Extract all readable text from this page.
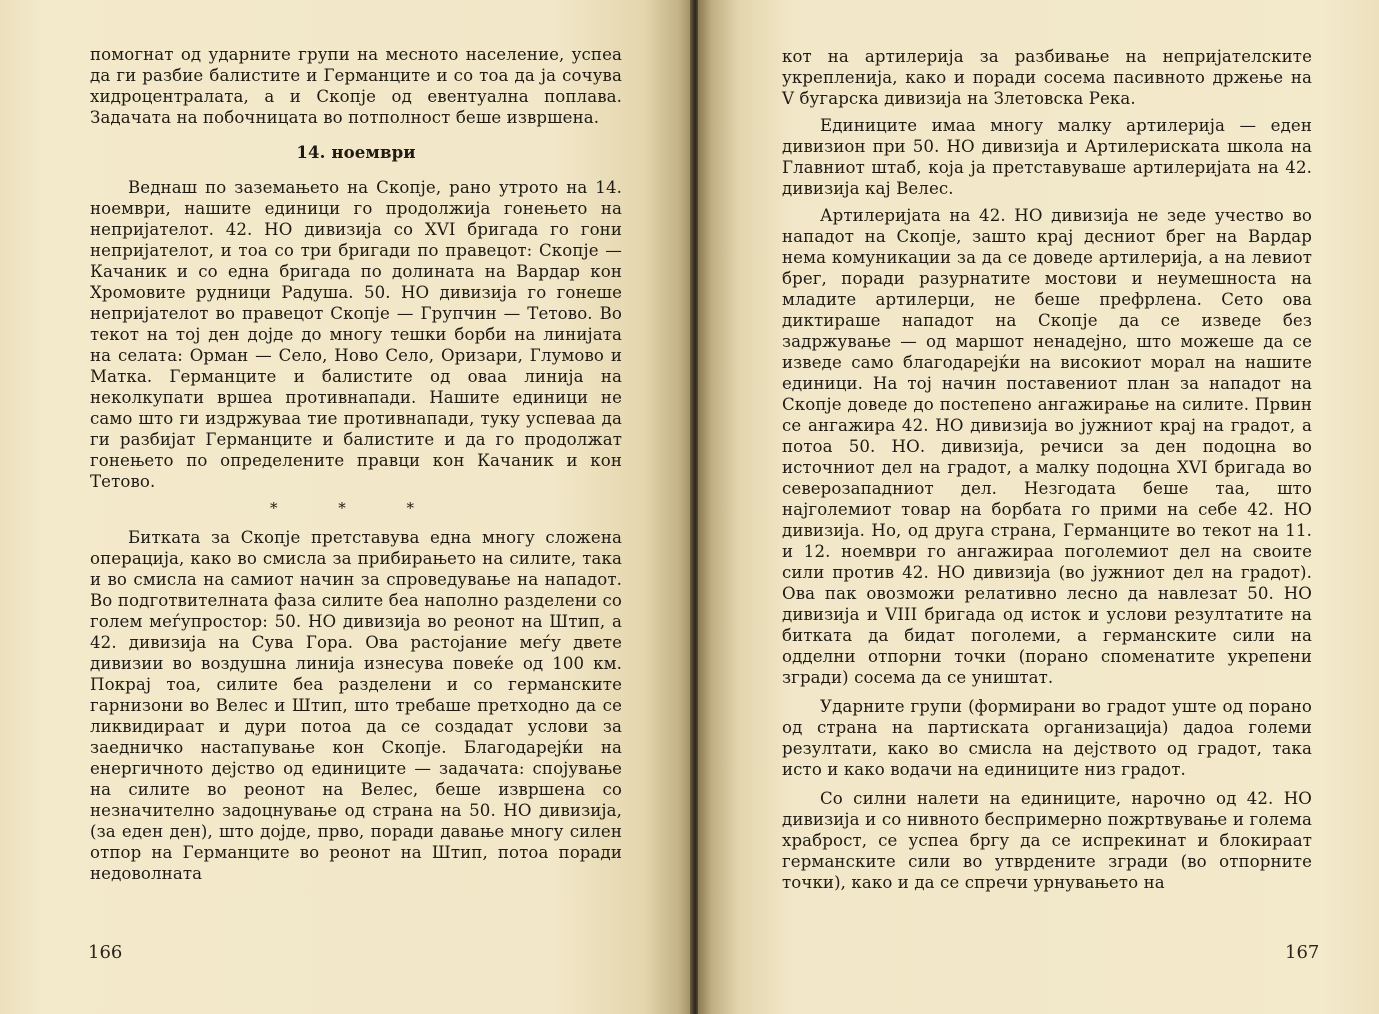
помогнат од ударните групи на месното население, успеа да ги разбие балистите и Германците и со тоа да ја сочува хидроцентралата, а и Скопје од евентуална поплава. Задачата на побочницата во потполност беше извршена.

14. ноември

Веднаш по заземањето на Скопје, рано утрото на 14. ноември, нашите единици го продолжија гонењето на непријателот. 42. НО дивизија со XVI бригада го гони непријателот, и тоа со три бригади по правецот: Скопје — Качаник и со една бригада по долината на Вардар кон Хромовите рудници Радуша. 50. НО дивизија го гонеше непријателот во правецот Скопје — Групчин — Тетово. Во текот на тој ден дојде до многу тешки борби на линијата на селата: Орман — Село, Ново Село, Оризари, Глумово и Матка. Германците и балистите од оваа линија на неколкупати вршеа противнапади. Нашите единици не само што ги издржуваа тие противнапади, туку успеваа да ги разбијат Германците и балистите и да го продолжат гонењето по определените правци кон Качаник и кон Тетово.

* * *

Битката за Скопје претставува една многу сложена операција, како во смисла за прибирањето на силите, така и во смисла на самиот начин за спроведување на нападот. Во подготвителната фаза силите беа наполно разделени со голем меѓупростор: 50. НО дивизија во реонот на Штип, а 42. дивизија на Сува Гора. Ова растојание меѓу двете дивизии во воздушна линија изнесува повеќе од 100 км. Покрај тоа, силите беа разделени и со германските гарнизони во Велес и Штип, што требаше претходно да се ликвидираат и дури потоа да се создадат услови за заедничко настапување кон Скопје. Благодарејќи на енергичното дејство од единиците — задачата: спојување на силите во реонот на Велес, беше извршена со незначително задоцнување од страна на 50. НО дивизија, (за еден ден), што дојде, прво, поради давање многу силен отпор на Германците во реонот на Штип, потоа поради недоволната

166

кот на артилерија за разбивање на непријателските укрепленија, како и поради сосема пасивното држење на V бугарска дивизија на Злетовска Река.

Единиците имаа многу малку артилерија — еден дивизион при 50. НО дивизија и Артилериската школа на Главниот штаб, која ја претставуваше артилеријата на 42. дивизија кај Велес.

Артилеријата на 42. НО дивизија не зеде учество во нападот на Скопје, зашто крај десниот брег на Вардар нема комуникации за да се доведе артилерија, а на левиот брег, поради разурнатите мостови и неумешноста на младите артилерци, не беше префрлена. Сето ова диктираше нападот на Скопје да се изведе без задржување — од маршот ненадејно, што можеше да се изведе само благодарејќи на високиот морал на нашите единици. На тој начин поставениот план за нападот на Скопје доведе до постепено ангажирање на силите. Првин се ангажира 42. НО дивизија во јужниот крај на градот, а потоа 50. НО. дивизија, речиси за ден подоцна во источниот дел на градот, а малку подоцна XVI бригада во северозападниот дел. Незгодата беше таа, што најголемиот товар на борбата го прими на себе 42. НО дивизија. Но, од друга страна, Германците во текот на 11. и 12. ноември го ангажираа поголемиот дел на своите сили против 42. НО дивизија (во јужниот дел на градот). Ова пак овозможи релативно лесно да навлезат 50. НО дивизија и VIII бригада од исток и услови резултатите на битката да бидат поголеми, а германските сили на одделни отпорни точки (порано споменатите укрепени згради) сосема да се уништат.

Ударните групи (формирани во градот уште од порано од страна на партиската организација) дадоа големи резултати, како во смисла на дејството од градот, така исто и како водачи на единиците низ градот.

Со силни налети на единиците, нарочно од 42. НО дивизија и со нивното беспримерно пожртвување и голема храброст, се успеа бргу да се испрекинат и блокираат германските сили во утврдените згради (во отпорните точки), како и да се спречи урнувањето на

167
